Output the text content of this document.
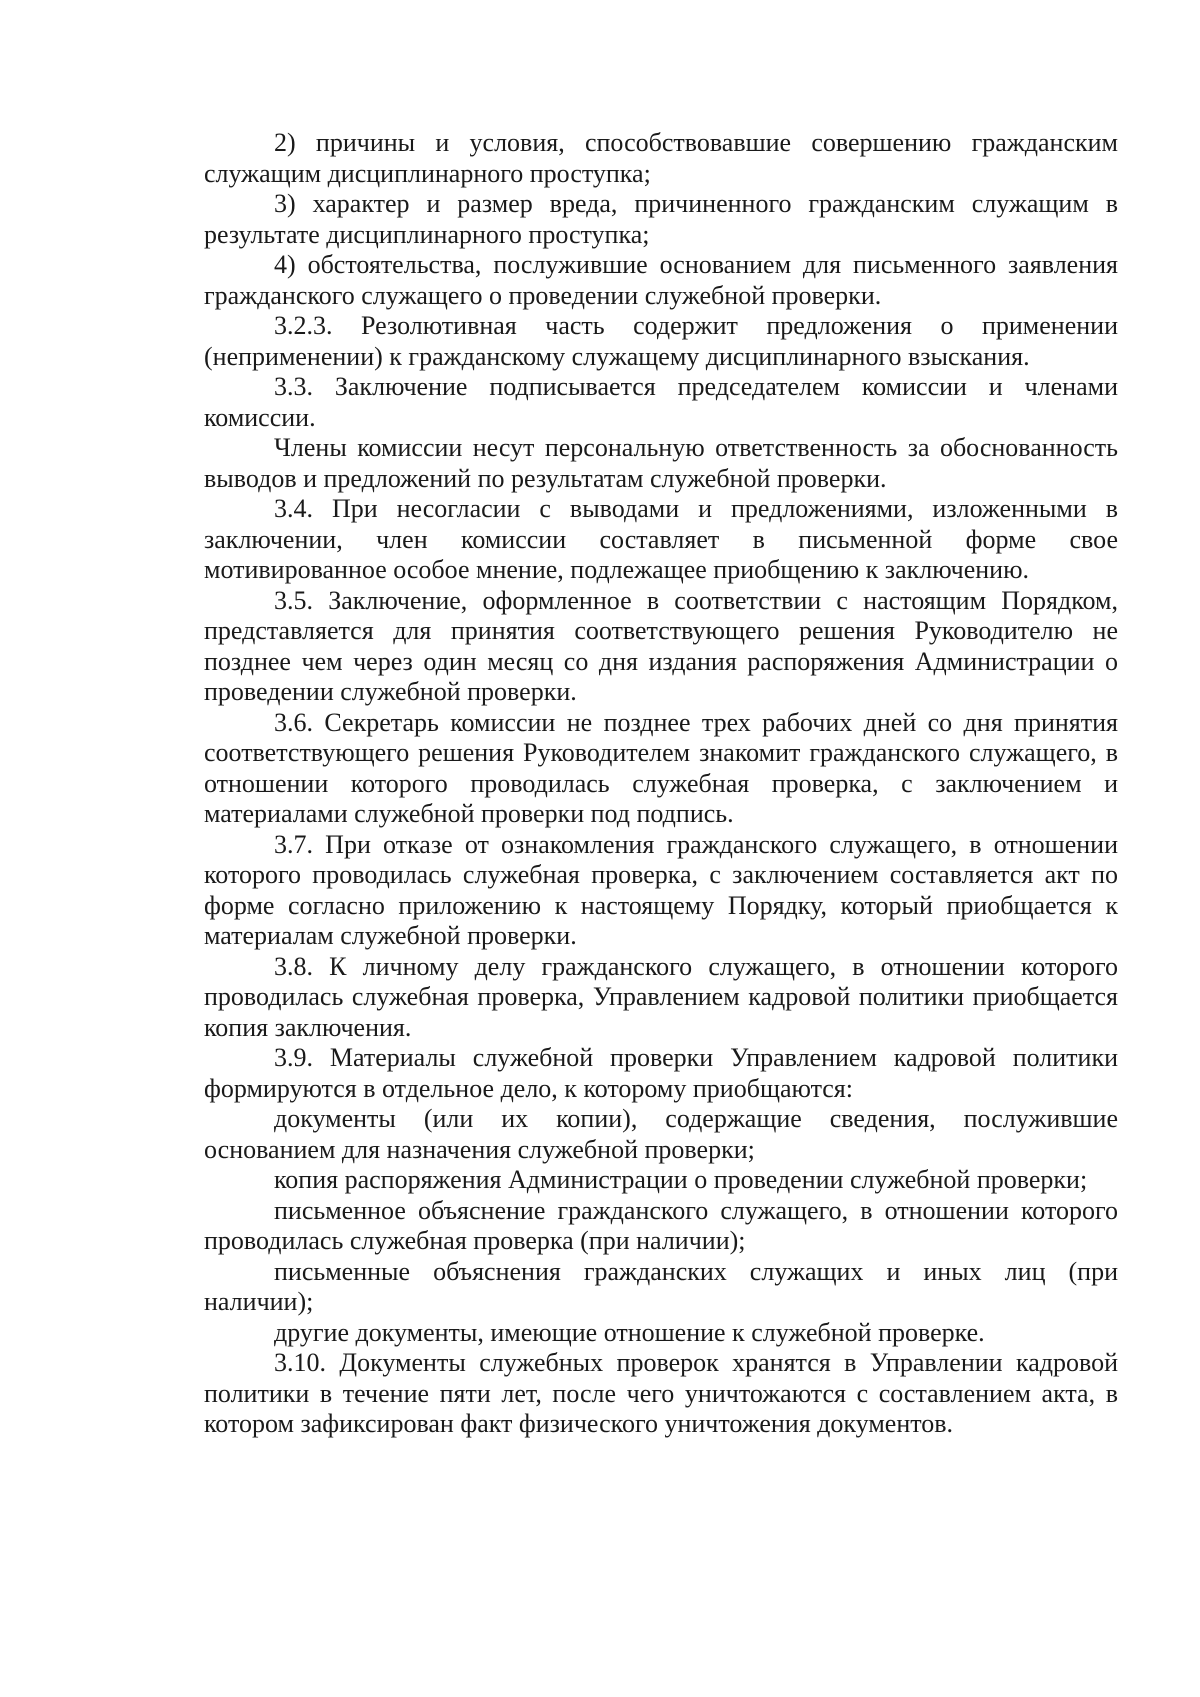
2) причины и условия, способствовавшие совершению гражданским служащим дисциплинарного проступка;

3) характер и размер вреда, причиненного гражданским служащим в результате дисциплинарного проступка;

4) обстоятельства, послужившие основанием для письменного заявления гражданского служащего о проведении служебной проверки.

3.2.3. Резолютивная часть содержит предложения о применении (неприменении) к гражданскому служащему дисциплинарного взыскания.

3.3. Заключение подписывается председателем комиссии и членами комиссии.

Члены комиссии несут персональную ответственность за обоснованность выводов и предложений по результатам служебной проверки.

3.4. При несогласии с выводами и предложениями, изложенными в заключении, член комиссии составляет в письменной форме свое мотивированное особое мнение, подлежащее приобщению к заключению.

3.5. Заключение, оформленное в соответствии с настоящим Порядком, представляется для принятия соответствующего решения Руководителю не позднее чем через один месяц со дня издания распоряжения Администрации о проведении служебной проверки.

3.6. Секретарь комиссии не позднее трех рабочих дней со дня принятия соответствующего решения Руководителем знакомит гражданского служащего, в отношении которого проводилась служебная проверка, с заключением и материалами служебной проверки под подпись.

3.7. При отказе от ознакомления гражданского служащего, в отношении которого проводилась служебная проверка, с заключением составляется акт по форме согласно приложению к настоящему Порядку, который приобщается к материалам служебной проверки.

3.8. К личному делу гражданского служащего, в отношении которого проводилась служебная проверка, Управлением кадровой политики приобщается копия заключения.

3.9. Материалы служебной проверки Управлением кадровой политики формируются в отдельное дело, к которому приобщаются:

документы (или их копии), содержащие сведения, послужившие основанием для назначения служебной проверки;

копия распоряжения Администрации о проведении служебной проверки;

письменное объяснение гражданского служащего, в отношении которого проводилась служебная проверка (при наличии);

письменные объяснения гражданских служащих и иных лиц (при наличии);

другие документы, имеющие отношение к служебной проверке.

3.10. Документы служебных проверок хранятся в Управлении кадровой политики в течение пяти лет, после чего уничтожаются с составлением акта, в котором зафиксирован факт физического уничтожения документов.
